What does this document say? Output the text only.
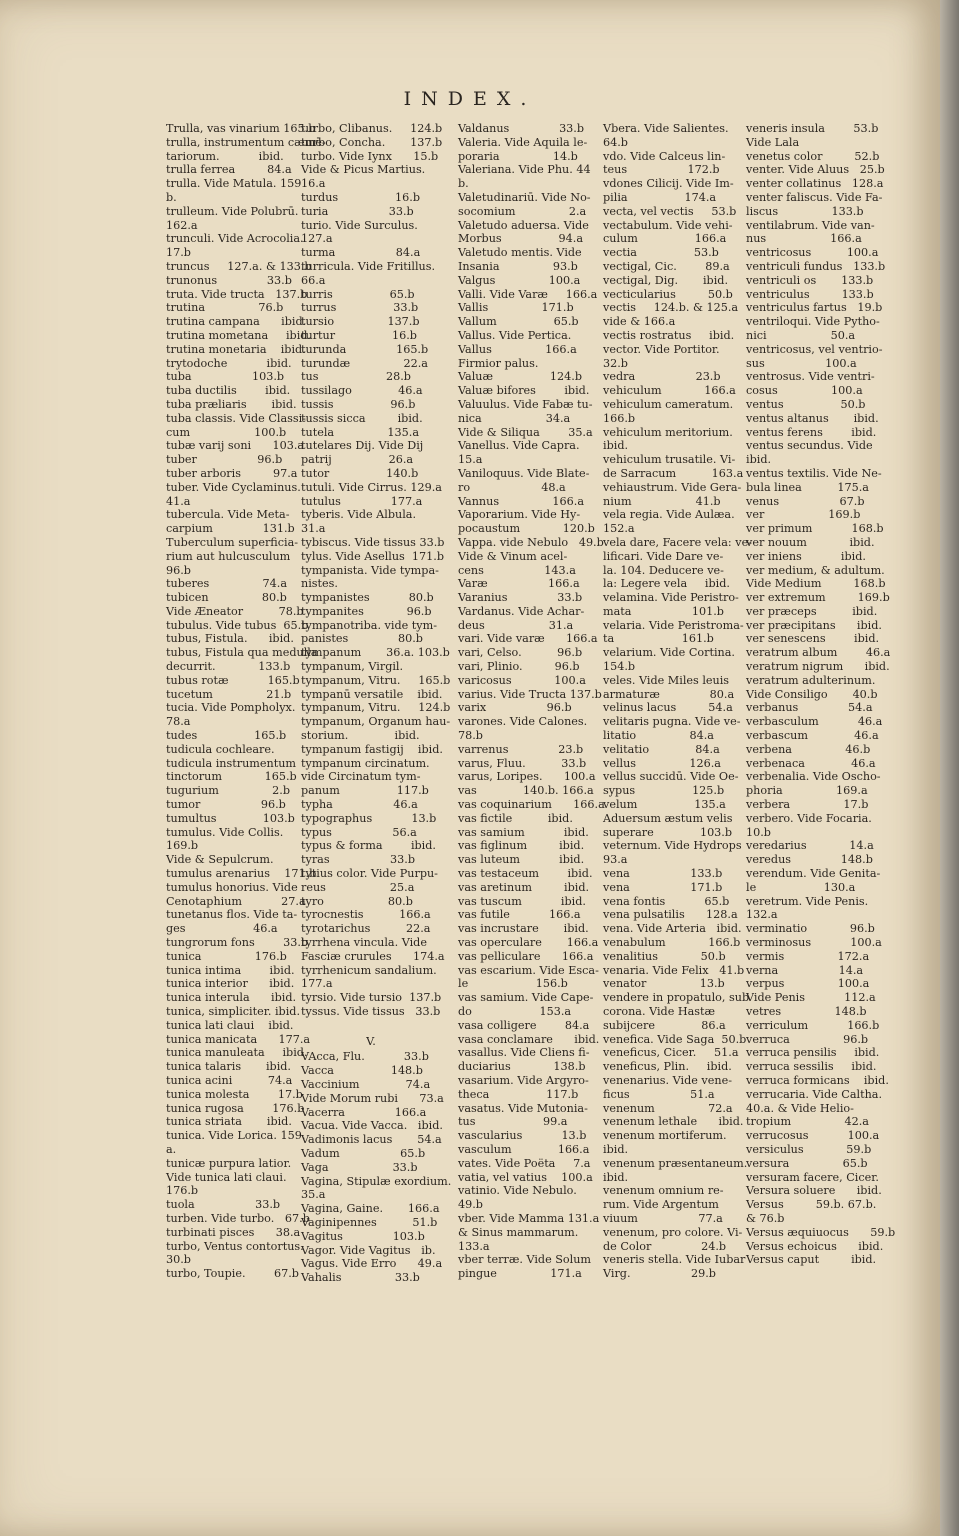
INDEX.
Trulla, vas vinarium 165.b
trulla, instrumentum cæmē-
tariorum.           ibid.
trulla ferrea         84.a
trulla. Vide Matula. 159
b.
trulleum. Vide Polubrū.
162.a
trunculi. Vide Acrocolia.
17.b
truncus     127.a. & 133.b
trunonus              33.b
truta. Vide tructa   137.b
trutina               76.b
trutina campana      ibid.
trutina mometana     ibid.
trutina monetaria    ibid.
trytodoche           ibid.
tuba                 103.b
tuba ductilis        ibid.
tuba præliaris       ibid.
tuba classis. Vide Classi-
cum                  100.b
tubæ varij soni      103.a
tuber                 96.b
tuber arboris         97.a
tuber. Vide Cyclaminus.
41.a
tubercula. Vide Meta-
carpium              131.b
Tuberculum superficia-
rium aut hulcusculum
96.b
tuberes               74.a
tubicen               80.b
Vide Æneator          78.b
tubulus. Vide tubus  65.b
tubus, Fistula.      ibid.
tubus, Fistula qua medulla
decurrit.            133.b
tubus rotæ           165.b
tucetum               21.b
tucia. Vide Pompholyx.
78.a
tudes                165.b
tudicula cochleare.
tudicula instrumentum
tinctorum            165.b
tugurium               2.b
tumor                 96.b
tumultus             103.b
tumulus. Vide Collis.
169.b
Vide & Sepulcrum.
tumulus arenarius    171.b
tumulus honorius. Vide
Cenotaphium           27.a
tunetanus flos. Vide ta-
ges                   46.a
tungrorum fons        33.b
tunica               176.b
tunica intima        ibid.
tunica interior      ibid.
tunica interula      ibid.
tunica, simpliciter. ibid.
tunica lati claui    ibid.
tunica manicata      177.a
tunica manuleata     ibid.
tunica talaris       ibid.
tunica acini          74.a
tunica molesta        17.b
tunica rugosa        176.b
tunica striata       ibid.
tunica. Vide Lorica. 159.
a.
tunicæ purpura latior.
Vide tunica lati claui.
176.b
tuola                 33.b
turben. Vide turbo.   67.b
turbinati pisces      38.a
turbo, Ventus contortus.
30.b
turbo, Toupie.        67.b
turbo, Clibanus.     124.b
turbo, Concha.       137.b
turbo. Vide Iynx      15.b
Vide & Picus Martius.
16.a
turdus                16.b
turia                 33.b
turio. Vide Surculus.
127.a
turma                 84.a
turricula. Vide Fritillus.
66.a
turris                65.b
turrus                33.b
tursio               137.b
turtur                16.b
turunda              165.b
turundæ               22.a
tus                   28.b
tussilago             46.a
tussis                96.b
tussis sicca         ibid.
tutela               135.a
tutelares Dij. Vide Dij
patrij                26.a
tutor                140.b
tutuli. Vide Cirrus. 129.a
tutulus              177.a
tyberis. Vide Albula.
31.a
tybiscus. Vide tissus 33.b
tylus. Vide Asellus  171.b
tympanista. Vide tympa-
nistes.
tympanistes           80.b
tympanites            96.b
tympanotriba. vide tym-
panistes              80.b
tympanum       36.a. 103.b
tympanum, Virgil.
tympanum, Vitru.     165.b
tympanū versatile    ibid.
tympanum, Vitru.     124.b
tympanum, Organum hau-
storium.             ibid.
tympanum fastigij    ibid.
tympanum circinatum.
vide Circinatum tym-
panum                117.b
typha                 46.a
typographus           13.b
typus                 56.a
typus & forma        ibid.
tyras                 33.b
tytius color. Vide Purpu-
reus                  25.a
tyro                  80.b
tyrocnestis          166.a
tyrotarichus          22.a
tyrrhena vincula. Vide
Fasciæ crurules      174.a
tyrrhenicum sandalium.
177.a
tyrsio. Vide tursio  137.b
tyssus. Vide tissus   33.b

V.
VAcca, Flu.           33.b
Vacca                148.b
Vaccinium             74.a
Vide Morum rubi      73.a
Vacerra              166.a
Vacua. Vide Vacca.   ibid.
Vadimonis lacus       54.a
Vadum                 65.b
Vaga                  33.b
Vagina, Stipulæ exordium.
35.a
Vagina, Gaine.       166.a
Vaginipennes          51.b
Vagitus              103.b
Vagor. Vide Vagitus   ib.
Vagus. Vide Erro      49.a
Vahalis               33.b
Valdanus              33.b
Valeria. Vide Aquila le-
poraria               14.b
Valeriana. Vide Phu. 44
b.
Valetudinariū. Vide No-
socomium               2.a
Valetudo aduersa. Vide
Morbus                94.a
Valetudo mentis. Vide
Insania               93.b
Valgus               100.a
Valli. Vide Varæ     166.a
Vallis               171.b
Vallum                65.b
Vallus. Vide Pertica.
Vallus               166.a
Firmior palus.
Valuæ                124.b
Valuæ bifores        ibid.
Valuulus. Vide Fabæ tu-
nica                  34.a
Vide & Siliqua        35.a
Vanellus. Vide Capra.
15.a
Vaniloquus. Vide Blate-
ro                    48.a
Vannus               166.a
Vaporarium. Vide Hy-
pocaustum            120.b
Vappa. vide Nebulo   49.b
Vide & Vinum acel-
cens                 143.a
Varæ                 166.a
Varanius              33.b
Vardanus. Vide Achar-
deus                  31.a
vari. Vide varæ      166.a
vari, Celso.          96.b
vari, Plinio.         96.b
varicosus            100.a
varius. Vide Tructa 137.b
varix                 96.b
varones. Vide Calones.
78.b
varrenus              23.b
varus, Fluu.          33.b
varus, Loripes.      100.a
vas             140.b. 166.a
vas coquinarium      166.a
vas fictile          ibid.
vas samium           ibid.
vas figlinum         ibid.
vas luteum           ibid.
vas testaceum        ibid.
vas aretinum         ibid.
vas tuscum           ibid.
vas futile           166.a
vas incrustare       ibid.
vas operculare       166.a
vas pelliculare      166.a
vas escarium. Vide Esca-
le                   156.b
vas samium. Vide Cape-
do                   153.a
vasa colligere        84.a
vasa conclamare      ibid.
vasallus. Vide Cliens fi-
duciarius            138.b
vasarium. Vide Argyro-
theca                117.b
vasatus. Vide Mutonia-
tus                   99.a
vascularius           13.b
vasculum             166.a
vates. Vide Poëta     7.a
vatia, vel vatius    100.a
vatinio. Vide Nebulo.
49.b
vber. Vide Mamma 131.a
& Sinus mammarum.
133.a
vber terræ. Vide Solum
pingue               171.a
Vbera. Vide Salientes.
64.b
vdo. Vide Calceus lin-
teus                 172.b
vdones Cilicij. Vide Im-
pilia                174.a
vecta, vel vectis     53.b
vectabulum. Vide vehi-
culum                166.a
vectia                53.b
vectigal, Cic.        89.a
vectigal, Dig.       ibid.
vecticularius         50.b
vectis     124.b. & 125.a
vide & 166.a
vectis rostratus     ibid.
vector. Vide Portitor.
32.b
vedra                 23.b
vehiculum            166.a
vehiculum cameratum.
166.b
vehiculum meritorium.
ibid.
vehiculum trusatile. Vi-
de Sarracum          163.a
vehiaustrum. Vide Gera-
nium                  41.b
vela regia. Vide Aulæa.
152.a
vela dare, Facere vela: ve-
lificari. Vide Dare ve-
la. 104. Deducere ve-
la: Legere vela     ibid.
velamina. Vide Peristro-
mata                 101.b
velaria. Vide Peristroma-
ta                   161.b
velarium. Vide Cortina.
154.b
veles. Vide Miles leuis
armaturæ              80.a
velinus lacus         54.a
velitaris pugna. Vide ve-
litatio               84.a
velitatio             84.a
vellus               126.a
vellus succidū. Vide Oe-
sypus                125.b
velum                135.a
Aduersum æstum velis
superare             103.b
veternum. Vide Hydrops
93.a
vena                 133.b
vena                 171.b
vena fontis           65.b
vena pulsatilis      128.a
vena. Vide Arteria   ibid.
venabulum            166.b
venalitius            50.b
venaria. Vide Felix   41.b
venator               13.b
vendere in propatulo, sub
corona. Vide Hastæ
subijcere             86.a
venefica. Vide Saga  50.b
veneficus, Cicer.     51.a
veneficus, Plin.     ibid.
venenarius. Vide vene-
ficus                 51.a
venenum               72.a
venenum lethale      ibid.
venenum mortiferum.
ibid.
venenum præsentaneum.
ibid.
venenum omnium re-
rum. Vide Argentum
viuum                 77.a
venenum, pro colore. Vi-
de Color              24.b
veneris stella. Vide Iubar
Virg.                 29.b
veneris insula        53.b
Vide Lala
venetus color         52.b
venter. Vide Aluus   25.b
venter collatinus   128.a
venter faliscus. Vide Fa-
liscus               133.b
ventilabrum. Vide van-
nus                  166.a
ventricosus          100.a
ventriculi fundus   133.b
ventriculi os       133.b
ventriculus         133.b
ventriculus fartus   19.b
ventriloqui. Vide Pytho-
nici                  50.a
ventricosus, vel ventrio-
sus                 100.a
ventrosus. Vide ventri-
cosus               100.a
ventus                50.b
ventus altanus       ibid.
ventus ferens        ibid.
ventus secundus. Vide
ibid.
ventus textilis. Vide Ne-
bula linea          175.a
venus                 67.b
ver                  169.b
ver primum           168.b
ver nouum            ibid.
ver iniens           ibid.
ver medium, & adultum.
Vide Medium         168.b
ver extremum         169.b
ver præceps          ibid.
ver præcipitans      ibid.
ver senescens        ibid.
veratrum album        46.a
veratrum nigrum      ibid.
veratrum adulterinum.
Vide Consiligo       40.b
verbanus              54.a
verbasculum           46.a
verbascum             46.a
verbena               46.b
verbenaca             46.a
verbenalia. Vide Oscho-
phoria               169.a
verbera               17.b
verbero. Vide Focaria.
10.b
veredarius            14.a
veredus              148.b
verendum. Vide Genita-
le                   130.a
veretrum. Vide Penis.
132.a
verminatio            96.b
verminosus           100.a
vermis               172.a
verna                 14.a
verpus               100.a
Vide Penis           112.a
vetres               148.b
verriculum           166.b
verruca               96.b
verruca pensilis     ibid.
verruca sessilis     ibid.
verruca formicans    ibid.
verrucaria. Vide Caltha.
40.a. & Vide Helio-
tropium               42.a
verrucosus           100.a
versiculus            59.b
versura               65.b
versuram facere, Cicer.
Versura soluere      ibid.
Versus         59.b. 67.b.
& 76.b
Versus æquiuocus      59.b
Versus echoicus      ibid.
Versus caput         ibid.
